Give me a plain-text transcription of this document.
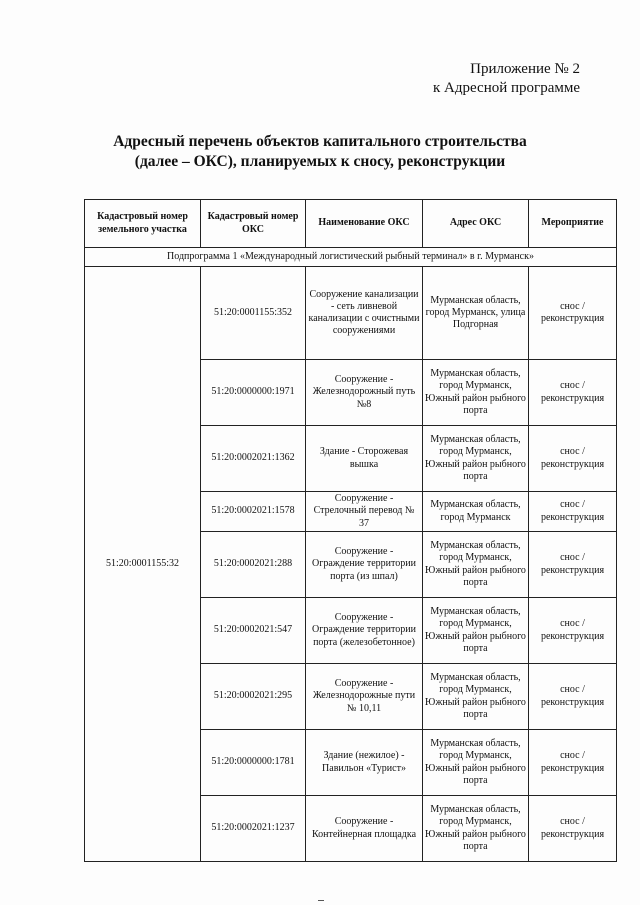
Приложение № 2
к Адресной программе
Адресный перечень объектов капитального строительства
(далее – ОКС), планируемых к сносу, реконструкции
Кадастровый номер земельного участка	Кадастровый номер ОКС	Наименование ОКС	Адрес ОКС	Мероприятие
Подпрограмма 1 «Международный логистический рыбный терминал» в г. Мурманск»				
51:20:0001155:32	51:20:0001155:352	Сооружение канализации - сеть ливневой канализации с очистными сооружениями	Мурманская область, город Мурманск, улица Подгорная	снос / реконструкция
	51:20:0000000:1971	Сооружение - Железнодорожный путь №8	Мурманская область, город Мурманск, Южный район рыбного порта	снос / реконструкция
	51:20:0002021:1362	Здание - Сторожевая вышка	Мурманская область, город Мурманск, Южный район рыбного порта	снос / реконструкция
	51:20:0002021:1578	Сооружение - Стрелочный перевод № 37	Мурманская область, город Мурманск	снос / реконструкция
	51:20:0002021:288	Сооружение - Ограждение территории порта (из шпал)	Мурманская область, город Мурманск, Южный район рыбного порта	снос / реконструкция
	51:20:0002021:547	Сооружение - Ограждение территории порта (железобетонное)	Мурманская область, город Мурманск, Южный район рыбного порта	снос / реконструкция
	51:20:0002021:295	Сооружение - Железнодорожные пути № 10,11	Мурманская область, город Мурманск, Южный район рыбного порта	снос / реконструкция
	51:20:0000000:1781	Здание (нежилое) - Павильон «Турист»	Мурманская область, город Мурманск, Южный район рыбного порта	снос / реконструкция
	51:20:0002021:1237	Сооружение - Контейнерная площадка	Мурманская область, город Мурманск, Южный район рыбного порта	снос / реконструкция
